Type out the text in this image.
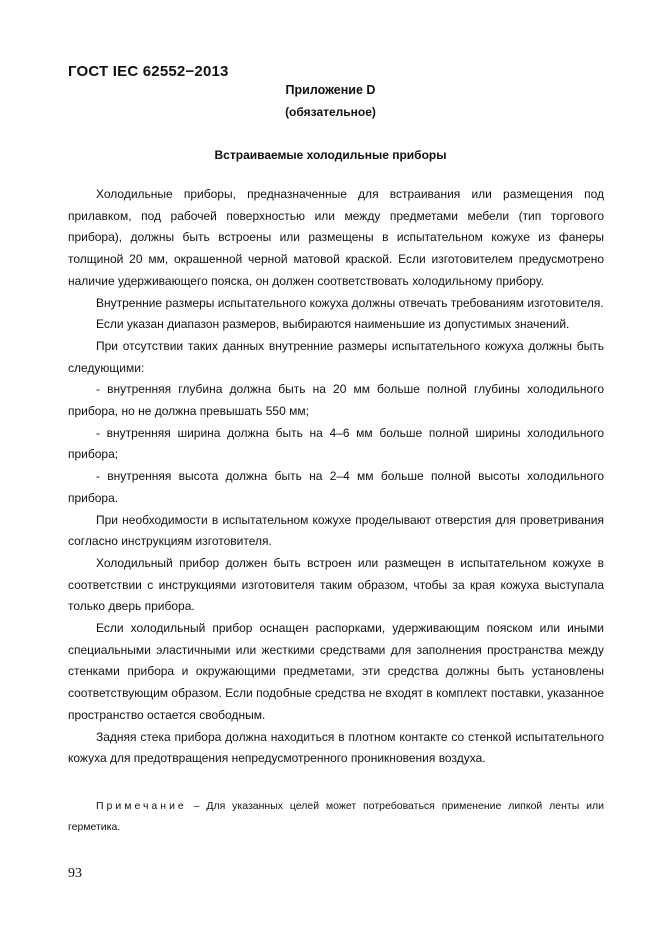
ГОСТ IEC 62552−2013
Приложение D
(обязательное)
Встраиваемые холодильные приборы

Холодильные приборы, предназначенные для встраивания или размещения под прилавком, под рабочей поверхностью или между предметами мебели (тип торгового прибора), должны быть встроены или размещены в испытательном кожухе из фанеры толщиной 20 мм, окрашенной черной матовой краской. Если изготовителем предусмотрено наличие удерживающего пояска, он должен соответствовать холодильному прибору.

Внутренние размеры испытательного кожуха должны отвечать требованиям изготовителя.

Если указан диапазон размеров, выбираются наименьшие из допустимых значений.

При отсутствии таких данных внутренние размеры испытательного кожуха должны быть следующими:

- внутренняя глубина должна быть на 20 мм больше полной глубины холодильного прибора, но не должна превышать 550 мм;

- внутренняя ширина должна быть на 4–6 мм больше полной ширины холодильного прибора;

- внутренняя высота должна быть на 2–4 мм больше полной высоты холодильного прибора.

При необходимости в испытательном кожухе проделывают отверстия для проветривания согласно инструкциям изготовителя.

Холодильный прибор должен быть встроен или размещен в испытательном кожухе в соответствии с инструкциями изготовителя таким образом, чтобы за края кожуха выступала только дверь прибора.

Если холодильный прибор оснащен распорками, удерживающим пояском или иными специальными эластичными или жесткими средствами для заполнения пространства между стенками прибора и окружающими предметами, эти средства должны быть установлены соответствующим образом. Если подобные средства не входят в комплект поставки, указанное пространство остается свободным.

Задняя стека прибора должна находиться в плотном контакте со стенкой испытательного кожуха для предотвращения непредусмотренного проникновения воздуха.

Примечание – Для указанных целей может потребоваться применение липкой ленты или герметика.

93
